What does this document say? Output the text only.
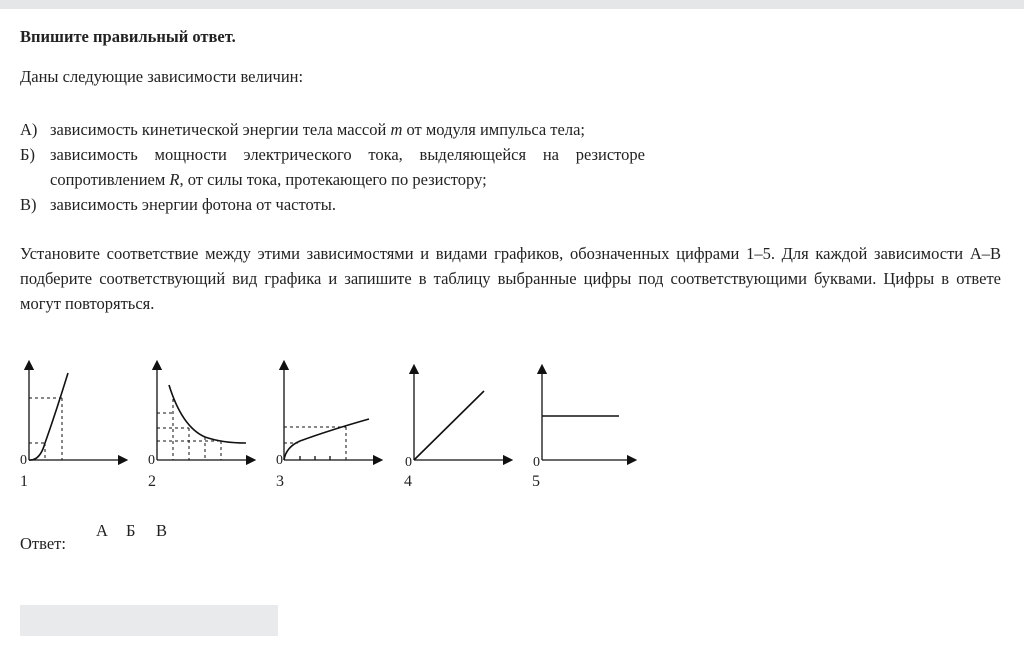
Впишите правильный ответ.
Даны следующие зависимости величин:
А) зависимость кинетической энергии тела массой m от модуля импульса тела;
Б) зависимость мощности электрического тока, выделяющейся на резисторе сопротивлением R, от силы тока, протекающего по резистору;
В) зависимость энергии фотона от частоты.
Установите соответствие между этими зависимостями и видами графиков, обозначенных цифрами 1–5. Для каждой зависимости А–В подберите соответствующий вид графика и запишите в таблицу выбранные цифры под соответствующими буквами. Цифры в ответе могут повторяться.
0
1
0
2
0
3
0
4
0
5
Ответ:
А	Б	В
